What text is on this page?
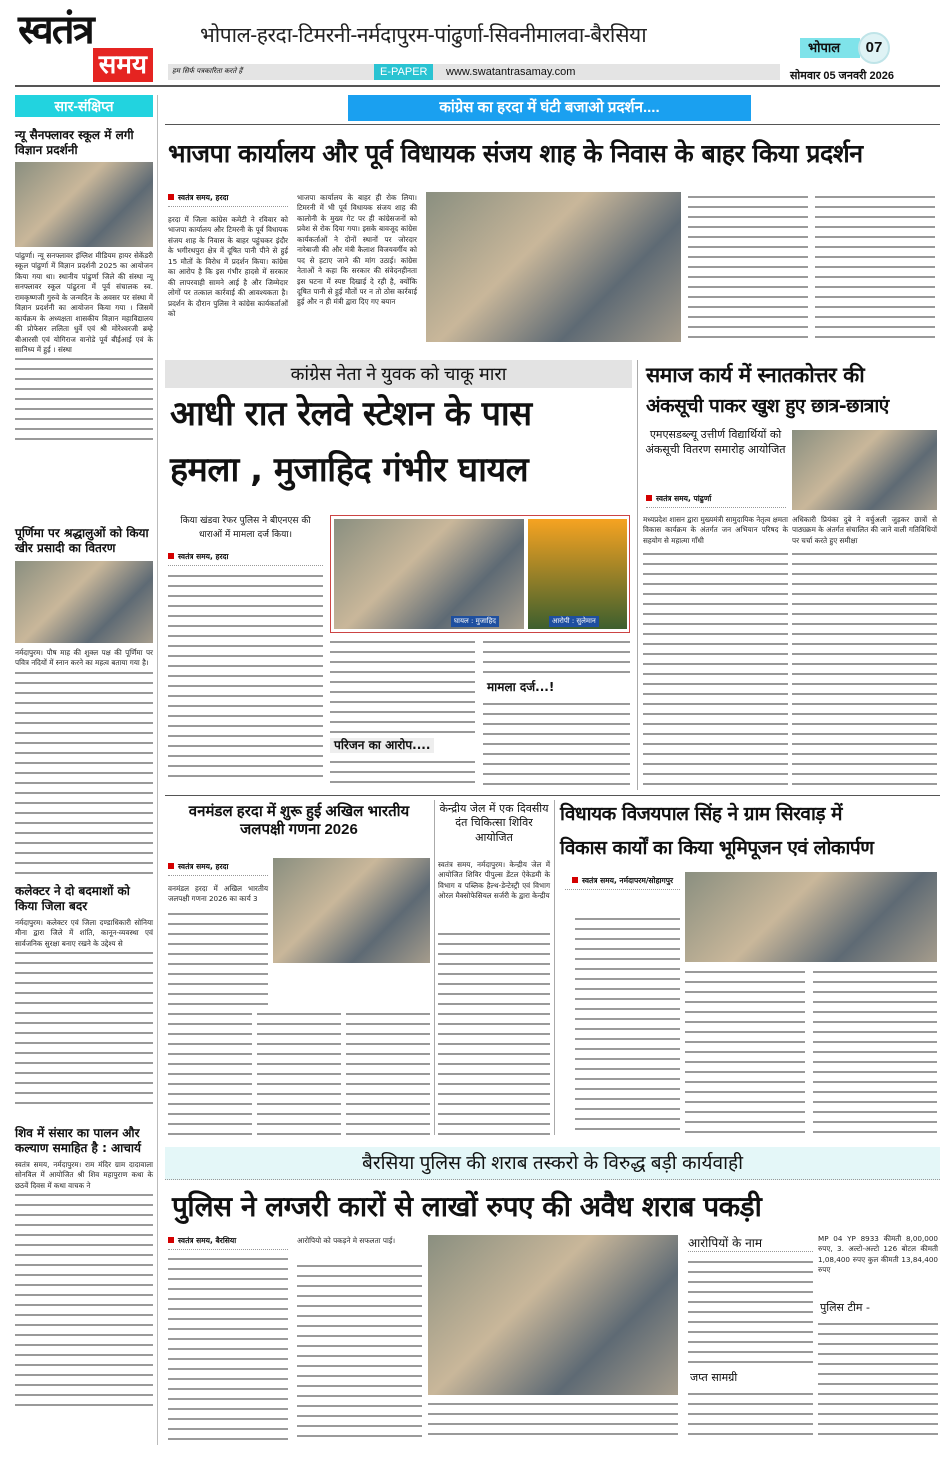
स्वतंत्र
समय
भोपाल-हरदा-टिमरनी-नर्मदापुरम-पांढुर्णा-सिवनीमालवा-बैरसिया
हम सिर्फ पत्रकारिता करते हैं	E-PAPER	www.swatantrasamay.com
भोपाल	07
सोमवार 05 जनवरी 2026
सार-संक्षिप्त
न्यू सैनफ्लावर स्कूल में लगी विज्ञान प्रदर्शनी
पांढुर्णा। न्यू सनफ्लावर इंग्लिश मीडियम हायर सेकेंडरी स्कूल पांढुर्णा में विज्ञान प्रदर्शनी 2025 का आयोजन किया गया था। स्थानीय पांढुर्णा जिले की संस्था न्यू सनफ्लावर स्कूल पांढुरना में पूर्व संचालक स्व. रामकृष्णजी गुरुवे के जन्मदिन के अवसर पर संस्था में विज्ञान प्रदर्शनी का आयोजन किया गया । जिसमें कार्यक्रम के अध्यक्षता शासकीय विज्ञान महाविद्यालय की प्रोफेसर ललिता धुर्वे एवं श्री मोरेश्वरजी ब्रम्हे बीआरसी एवं योगिराज वानोडे पूर्व बीईआई एवं के सानिध्य में हुई । संस्था
पूर्णिमा पर श्रद्धालुओं को किया खीर प्रसादी का वितरण
नर्मदापुरम। पौष माह की शुक्ल पक्ष की पूर्णिमा पर पवित्र नदियों में स्नान करने का महत्व बताया गया है।
कलेक्टर ने दो बदमाशों को किया जिला बदर
नर्मदापुरम। कलेक्टर एवं जिला दण्डाधिकारी सोनिया मीना द्वारा जिले में शांति, कानून-व्यवस्था एवं सार्वजनिक सुरक्षा बनाए रखने के उद्देश्य से
शिव में संसार का पालन और कल्याण समाहित है : आचार्य
स्वतंत्र समय, नर्मदापुरम। राम मंदिर ग्राम दादावाला सोनविल में आयोजित श्री शिव महापुराण कथा के छठवें दिवस में कथा वाचक ने
कांग्रेस का हरदा में घंटी बजाओ प्रदर्शन....
भाजपा कार्यालय और पूर्व विधायक संजय शाह के निवास के बाहर किया प्रदर्शन
स्वतंत्र समय, हरदा
हरदा में जिला कांग्रेस कमेटी ने रविवार को भाजपा कार्यालय और टिमरनी के पूर्व विधायक संजय शाह के निवास के बाहर पहुंचकर इंदौर के भगीरथपुरा क्षेत्र में दूषित पानी पीने से हुई 15 मौतों के विरोध में प्रदर्शन किया। कांग्रेस का आरोप है कि इस गंभीर हादसे में सरकार की लापरवाही सामने आई है और जिम्मेदार लोगों पर तत्काल कार्रवाई की आवश्यकता है। प्रदर्शन के दौरान पुलिस ने कांग्रेस कार्यकर्ताओं को
भाजपा कार्यालय के बाहर ही रोक लिया। टिमरनी में भी पूर्व विधायक संजय शाह की कालोनी के मुख्य गेट पर ही कांग्रेसजनों को प्रवेश से रोक दिया गया। इसके बावजूद कांग्रेस कार्यकर्ताओं ने दोनों स्थानों पर जोरदार नारेबाजी की और मंत्री कैलाश विजयवर्गीय को पद से हटाए जाने की मांग उठाई। कांग्रेस नेताओं ने कहा कि सरकार की संवेदनहीनता इस घटना में स्पष्ट दिखाई दे रही है, क्योंकि दूषित पानी से हुई मौतों पर न तो ठोस कार्रवाई हुई और न ही मंत्री द्वारा दिए गए बयान
कांग्रेस नेता ने युवक को चाकू मारा
आधी रात रेलवे स्टेशन के पास
हमला , मुजाहिद गंभीर घायल
किया खंडवा रेफर पुलिस ने बीएनएस की धाराओं में मामला दर्ज किया।
स्वतंत्र समय, हरदा
घायल : मुजाहिद	आरोपी : सुलेमान
परिजन का आरोप....
मामला दर्ज...!
समाज कार्य में स्नातकोत्तर की
अंकसूची पाकर खुश हुए छात्र-छात्राएं
एमएसडब्ल्यू उत्तीर्ण विद्यार्थियों को अंकसूची वितरण समारोह आयोजित
स्वतंत्र समय, पांढुर्णा
मध्यप्रदेश शासन द्वारा मुख्यमंत्री सामुदायिक नेतृत्व क्षमता विकास कार्यक्रम के अंतर्गत जन अभियान परिषद के सहयोग से महात्मा गाँधी
अधिकारी प्रियंका दुबे ने वर्चुअली जुड़कर छात्रों से पाठ्यक्रम के अंतर्गत संचालित की जाने वाली गतिविधियों पर चर्चा करते हुए समीक्षा
वनमंडल हरदा में शुरू हुई अखिल भारतीय जलपक्षी गणना 2026
स्वतंत्र समय, हरदा
वनमंडल हरदा में अखिल भारतीय जलपक्षी गणना 2026 का कार्य 3
केन्द्रीय जेल में एक दिवसीय दंत चिकित्सा शिविर आयोजित
स्वतंत्र समय, नर्मदापुरम। केन्द्रीय जेल में आयोजित शिविर पीपुल्स डेंटल ऐकेडमी के विभाग व पब्लिक हैल्थ-डेन्टेस्ट्री एवं विभाग ओरल मैक्सोफेसियल सर्जरी के द्वारा केन्द्रीय
विधायक विजयपाल सिंह ने ग्राम सिरवाड़ में
विकास कार्यों का किया भूमिपूजन एवं लोकार्पण
स्वतंत्र समय, नर्मदापरम/सोहागपुर
बैरसिया पुलिस की शराब तस्करो के विरुद्ध बड़ी कार्यवाही
पुलिस ने लग्जरी कारों से लाखों रुपए की अवैध शराब पकड़ी
स्वतंत्र समय, बैरसिया	आरोपियो को पकड़ने मे सफलता पाई।	आरोपियों के नाम
जप्त सामग्री
MP 04 YP 8933 कीमती 8,00,000 रुपए, 3. अल्टो-अल्टो 126 बोटल कीमती 1,08,400 रुपए कुल कीमती 13,84,400 रुपए
पुलिस टीम -
